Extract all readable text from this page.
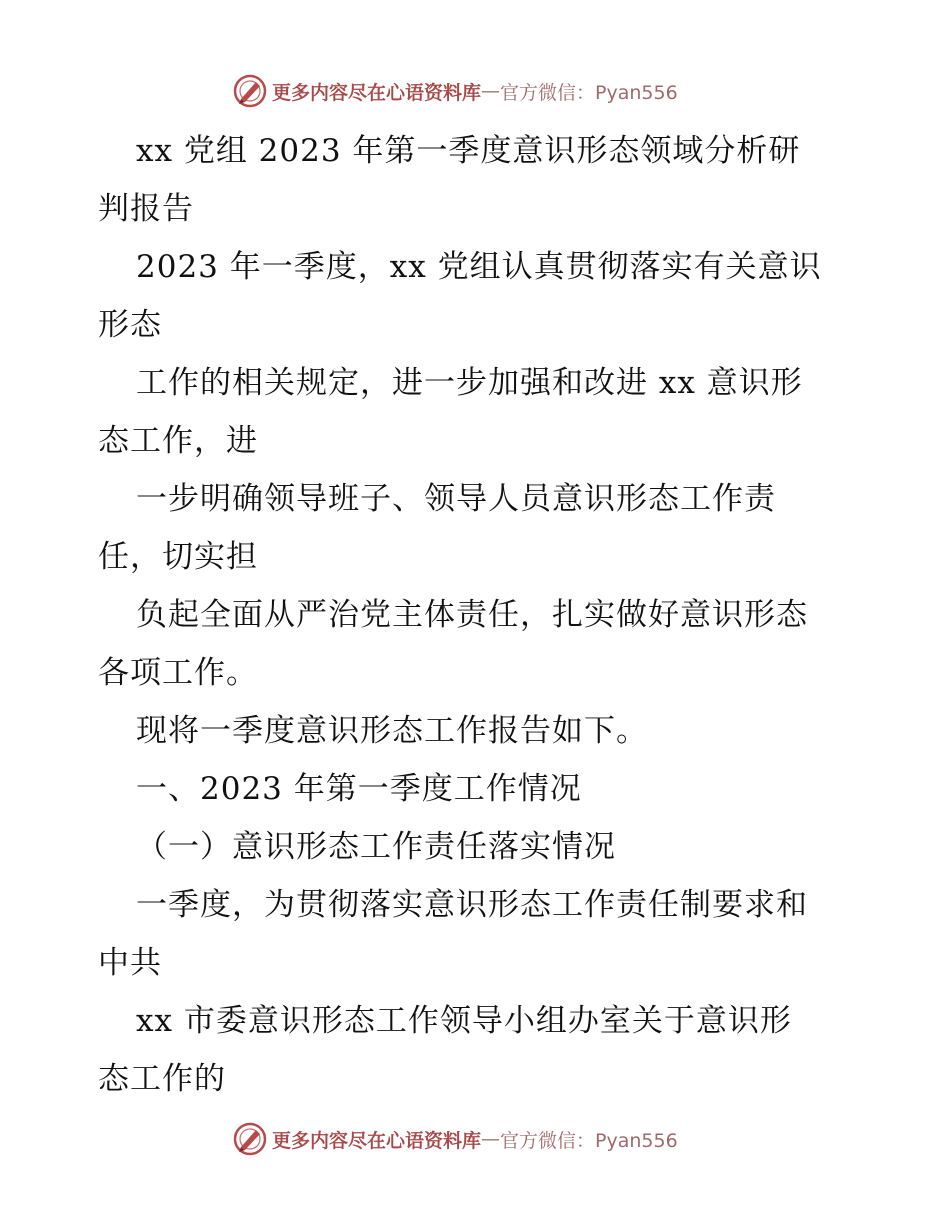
更多内容尽在心语资料库 — 官方微信：Pyan556
xx 党组 2023 年第一季度意识形态领域分析研
判报告
2023 年一季度，xx 党组认真贯彻落实有关意识
形态
工作的相关规定，进一步加强和改进 xx 意识形
态工作，进
一步明确领导班子、领导人员意识形态工作责
任，切实担
负起全面从严治党主体责任，扎实做好意识形态
各项工作。
现将一季度意识形态工作报告如下。
一、2023 年第一季度工作情况
（一）意识形态工作责任落实情况
一季度，为贯彻落实意识形态工作责任制要求和
中共
xx 市委意识形态工作领导小组办室关于意识形
态工作的
更多内容尽在心语资料库 — 官方微信：Pyan556
